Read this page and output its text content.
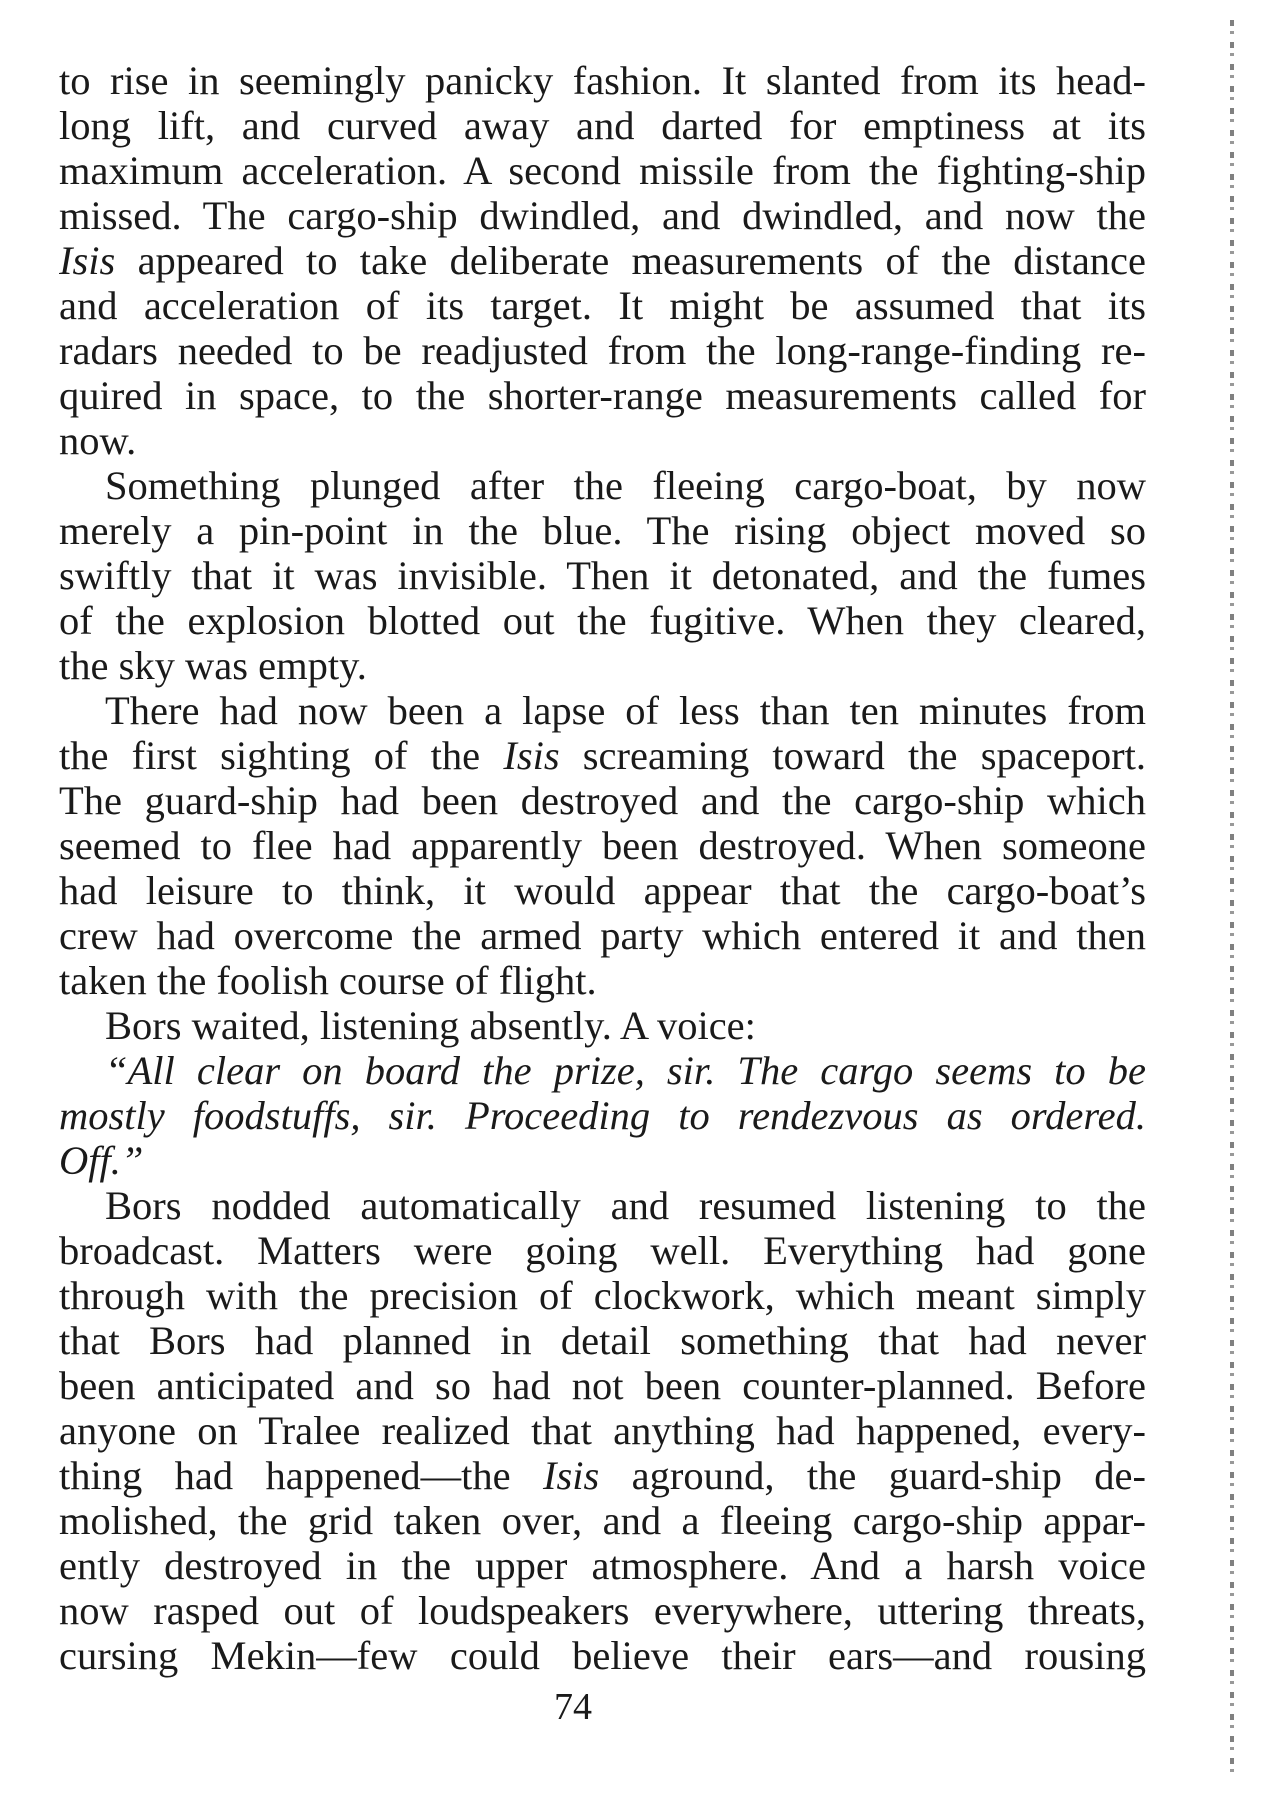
to rise in seemingly panicky fashion. It slanted from its head-
long lift, and curved away and darted for emptiness at its
maximum acceleration. A second missile from the fighting-ship
missed. The cargo-ship dwindled, and dwindled, and now the
Isis appeared to take deliberate measurements of the distance
and acceleration of its target. It might be assumed that its
radars needed to be readjusted from the long-range-finding re-
quired in space, to the shorter-range measurements called for
now.
Something plunged after the fleeing cargo-boat, by now
merely a pin-point in the blue. The rising object moved so
swiftly that it was invisible. Then it detonated, and the fumes
of the explosion blotted out the fugitive. When they cleared,
the sky was empty.
There had now been a lapse of less than ten minutes from
the first sighting of the Isis screaming toward the spaceport.
The guard-ship had been destroyed and the cargo-ship which
seemed to flee had apparently been destroyed. When someone
had leisure to think, it would appear that the cargo-boat’s
crew had overcome the armed party which entered it and then
taken the foolish course of flight.
Bors waited, listening absently. A voice:
“All clear on board the prize, sir. The cargo seems to be
mostly foodstuffs, sir. Proceeding to rendezvous as ordered.
Off.”
Bors nodded automatically and resumed listening to the
broadcast. Matters were going well. Everything had gone
through with the precision of clockwork, which meant simply
that Bors had planned in detail something that had never
been anticipated and so had not been counter-planned. Before
anyone on Tralee realized that anything had happened, every-
thing had happened—the Isis aground, the guard-ship de-
molished, the grid taken over, and a fleeing cargo-ship appar-
ently destroyed in the upper atmosphere. And a harsh voice
now rasped out of loudspeakers everywhere, uttering threats,
cursing Mekin—few could believe their ears—and rousing
74
